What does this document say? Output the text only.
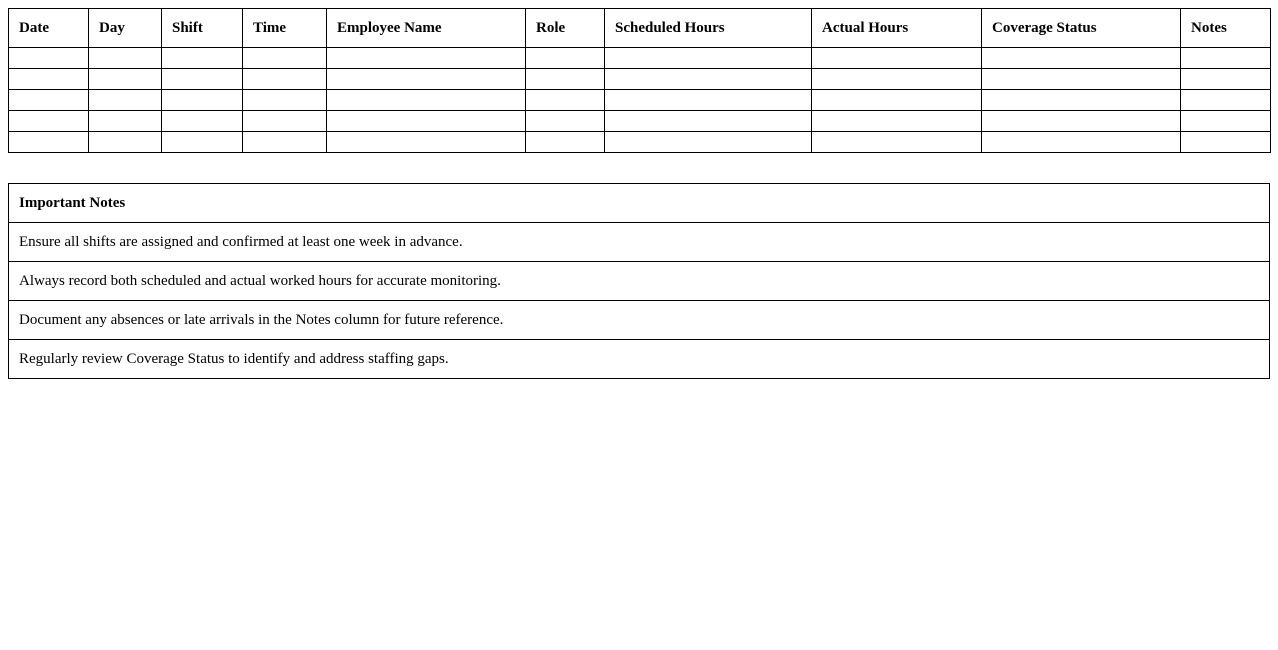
Date	Day	Shift	Time	Employee Name	Role	Scheduled Hours	Actual Hours	Coverage Status	Notes

Important Notes
Ensure all shifts are assigned and confirmed at least one week in advance.
Always record both scheduled and actual worked hours for accurate monitoring.
Document any absences or late arrivals in the Notes column for future reference.
Regularly review Coverage Status to identify and address staffing gaps.
